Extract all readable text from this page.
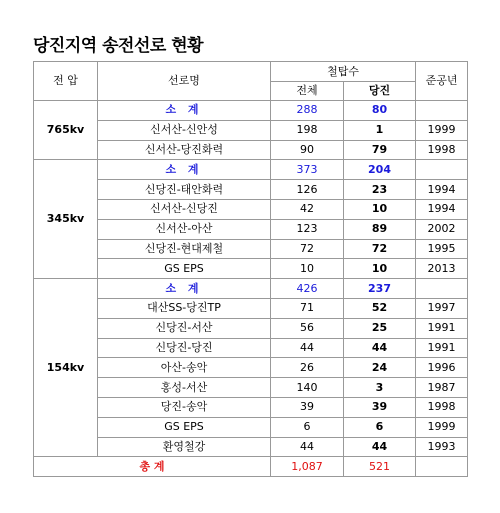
당진지역 송전선로 현황
전 압	선로명	철탑수		준공년
		전체	당진	
765kv	소 계	288	80	
	신서산-신안성	198	1	1999
	신서산-당진화력	90	79	1998
345kv	소 계	373	204	
	신당진-태안화력	126	23	1994
	신서산-신당진	42	10	1994
	신서산-아산	123	89	2002
	신당진-현대제철	72	72	1995
	GS EPS	10	10	2013
154kv	소 계	426	237	
	대산SS-당진TP	71	52	1997
	신당진-서산	56	25	1991
	신당진-당진	44	44	1991
	아산-송악	26	24	1996
	홍성-서산	140	3	1987
	당진-송악	39	39	1998
	GS EPS	6	6	1999
	환영철강	44	44	1993
총 계		1,087	521	
